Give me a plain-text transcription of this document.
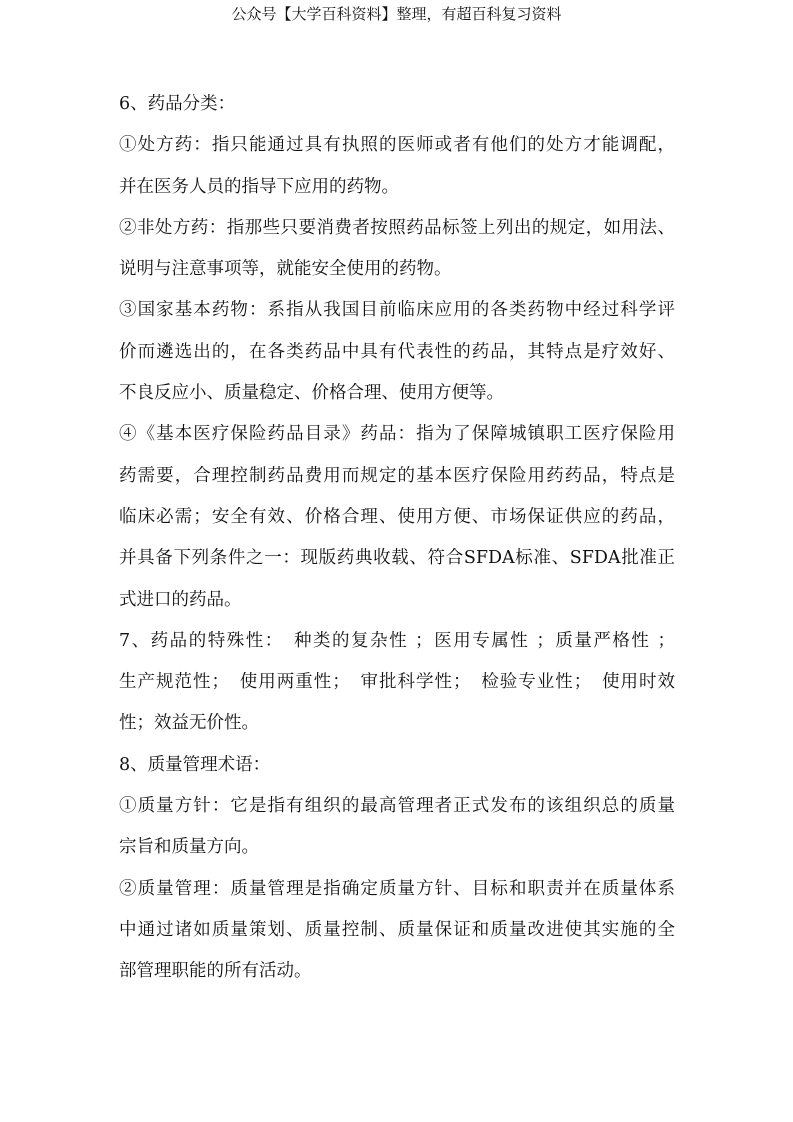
公众号【大学百科资料】整理，有超百科复习资料
6、药品分类：
①处方药：指只能通过具有执照的医师或者有他们的处方才能调配，
并在医务人员的指导下应用的药物。
②非处方药：指那些只要消费者按照药品标签上列出的规定，如用法、
说明与注意事项等，就能安全使用的药物。
③国家基本药物：系指从我国目前临床应用的各类药物中经过科学评
价而遴选出的，在各类药品中具有代表性的药品，其特点是疗效好、
不良反应小、质量稳定、价格合理、使用方便等。
④《基本医疗保险药品目录》药品：指为了保障城镇职工医疗保险用
药需要，合理控制药品费用而规定的基本医疗保险用药药品，特点是
临床必需；安全有效、价格合理、使用方便、市场保证供应的药品，
并具备下列条件之一：现版药典收载、符合SFDA标准、SFDA批准正
式进口的药品。
7、药品的特殊性：　种类的复杂性 ；医用专属性 ；质量严格性 ；
生产规范性；　使用两重性；　审批科学性；　检验专业性；　使用时效
性；效益无价性。
8、质量管理术语：
①质量方针：它是指有组织的最高管理者正式发布的该组织总的质量
宗旨和质量方向。
②质量管理：质量管理是指确定质量方针、目标和职责并在质量体系
中通过诸如质量策划、质量控制、质量保证和质量改进使其实施的全
部管理职能的所有活动。
